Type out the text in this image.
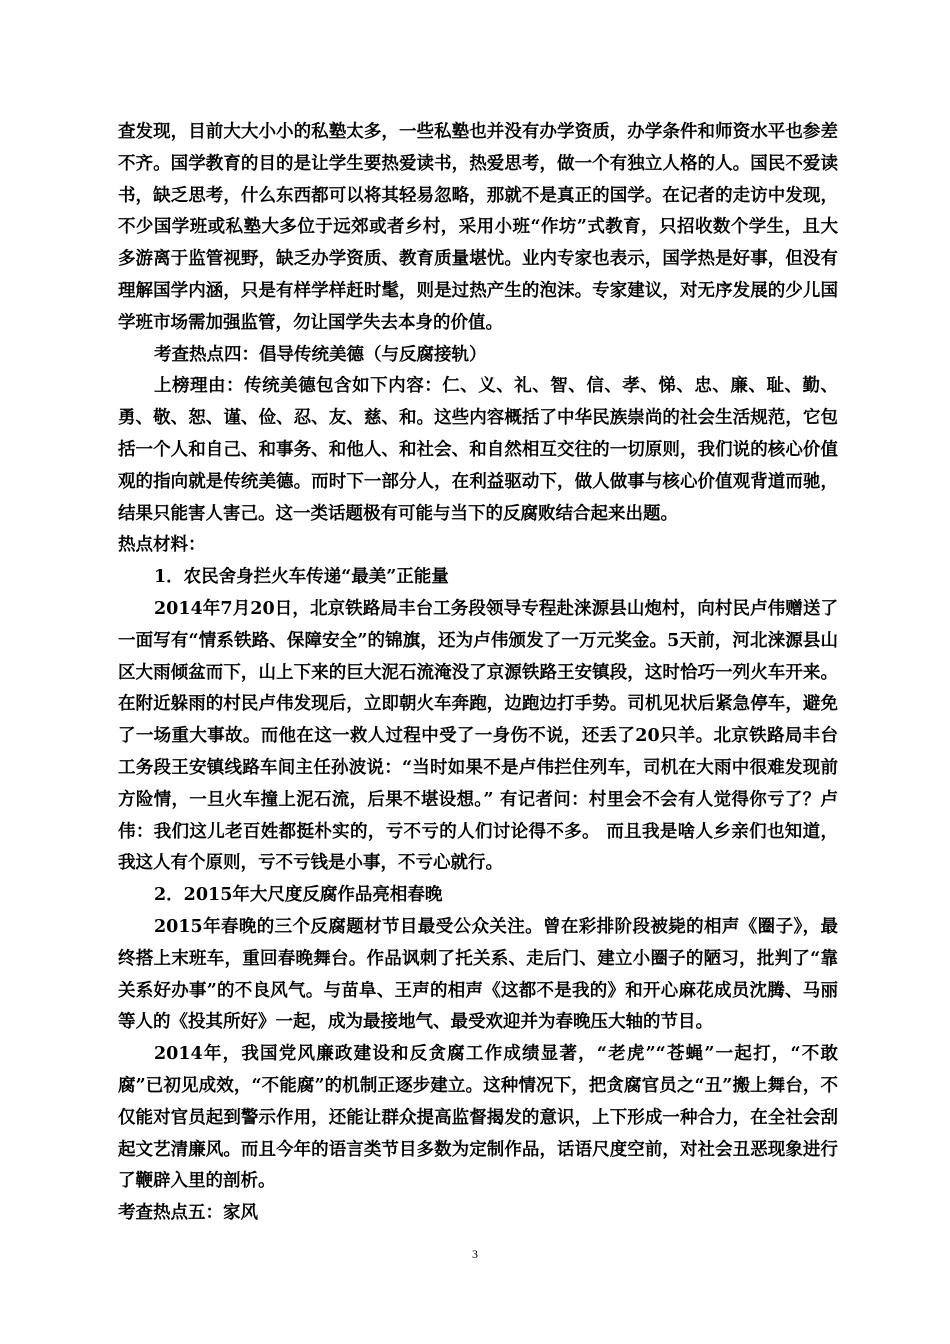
查发现，目前大大小小的私塾太多，一些私塾也并没有办学资质，办学条件和师资水平也参差不齐。国学教育的目的是让学生要热爱读书，热爱思考，做一个有独立人格的人。国民不爱读书，缺乏思考，什么东西都可以将其轻易忽略，那就不是真正的国学。在记者的走访中发现，不少国学班或私塾大多位于远郊或者乡村，采用小班“作坊”式教育，只招收数个学生，且大多游离于监管视野，缺乏办学资质、教育质量堪忧。业内专家也表示，国学热是好事，但没有理解国学内涵，只是有样学样赶时髦，则是过热产生的泡沫。专家建议，对无序发展的少儿国学班市场需加强监管，勿让国学失去本身的价值。

考查热点四：倡导传统美德（与反腐接轨）

上榜理由：传统美德包含如下内容：仁、义、礼、智、信、孝、悌、忠、廉、耻、勤、勇、敬、恕、谨、俭、忍、友、慈、和。这些内容概括了中华民族崇尚的社会生活规范，它包括一个人和自己、和事务、和他人、和社会、和自然相互交往的一切原则，我们说的核心价值观的指向就是传统美德。而时下一部分人，在利益驱动下，做人做事与核心价值观背道而驰，结果只能害人害己。这一类话题极有可能与当下的反腐败结合起来出题。

热点材料：

1．农民舍身拦火车传递“最美”正能量

2014年7月20日，北京铁路局丰台工务段领导专程赴涞源县山炮村，向村民卢伟赠送了一面写有“情系铁路、保障安全”的锦旗，还为卢伟颁发了一万元奖金。5天前，河北涞源县山区大雨倾盆而下，山上下来的巨大泥石流淹没了京源铁路王安镇段，这时恰巧一列火车开来。在附近躲雨的村民卢伟发现后，立即朝火车奔跑，边跑边打手势。司机见状后紧急停车，避免了一场重大事故。而他在这一救人过程中受了一身伤不说，还丢了20只羊。北京铁路局丰台工务段王安镇线路车间主任孙波说：“当时如果不是卢伟拦住列车，司机在大雨中很难发现前方险情，一旦火车撞上泥石流，后果不堪设想。” 有记者问：村里会不会有人觉得你亏了？卢伟：我们这儿老百姓都挺朴实的，亏不亏的人们讨论得不多。 而且我是啥人乡亲们也知道，我这人有个原则，亏不亏钱是小事，不亏心就行。

2．2015年大尺度反腐作品亮相春晚

2015年春晚的三个反腐题材节目最受公众关注。曾在彩排阶段被毙的相声《圈子》，最终搭上末班车，重回春晚舞台。作品讽刺了托关系、走后门、建立小圈子的陋习，批判了“靠关系好办事”的不良风气。与苗阜、王声的相声《这都不是我的》和开心麻花成员沈腾、马丽等人的《投其所好》一起，成为最接地气、最受欢迎并为春晚压大轴的节目。

2014年，我国党风廉政建设和反贪腐工作成绩显著，“老虎”“苍蝇”一起打，“不敢腐”已初见成效，“不能腐”的机制正逐步建立。这种情况下，把贪腐官员之“丑”搬上舞台，不仅能对官员起到警示作用，还能让群众提高监督揭发的意识，上下形成一种合力，在全社会刮起文艺清廉风。而且今年的语言类节目多数为定制作品，话语尺度空前，对社会丑恶现象进行了鞭辟入里的剖析。

考查热点五：家风

3
